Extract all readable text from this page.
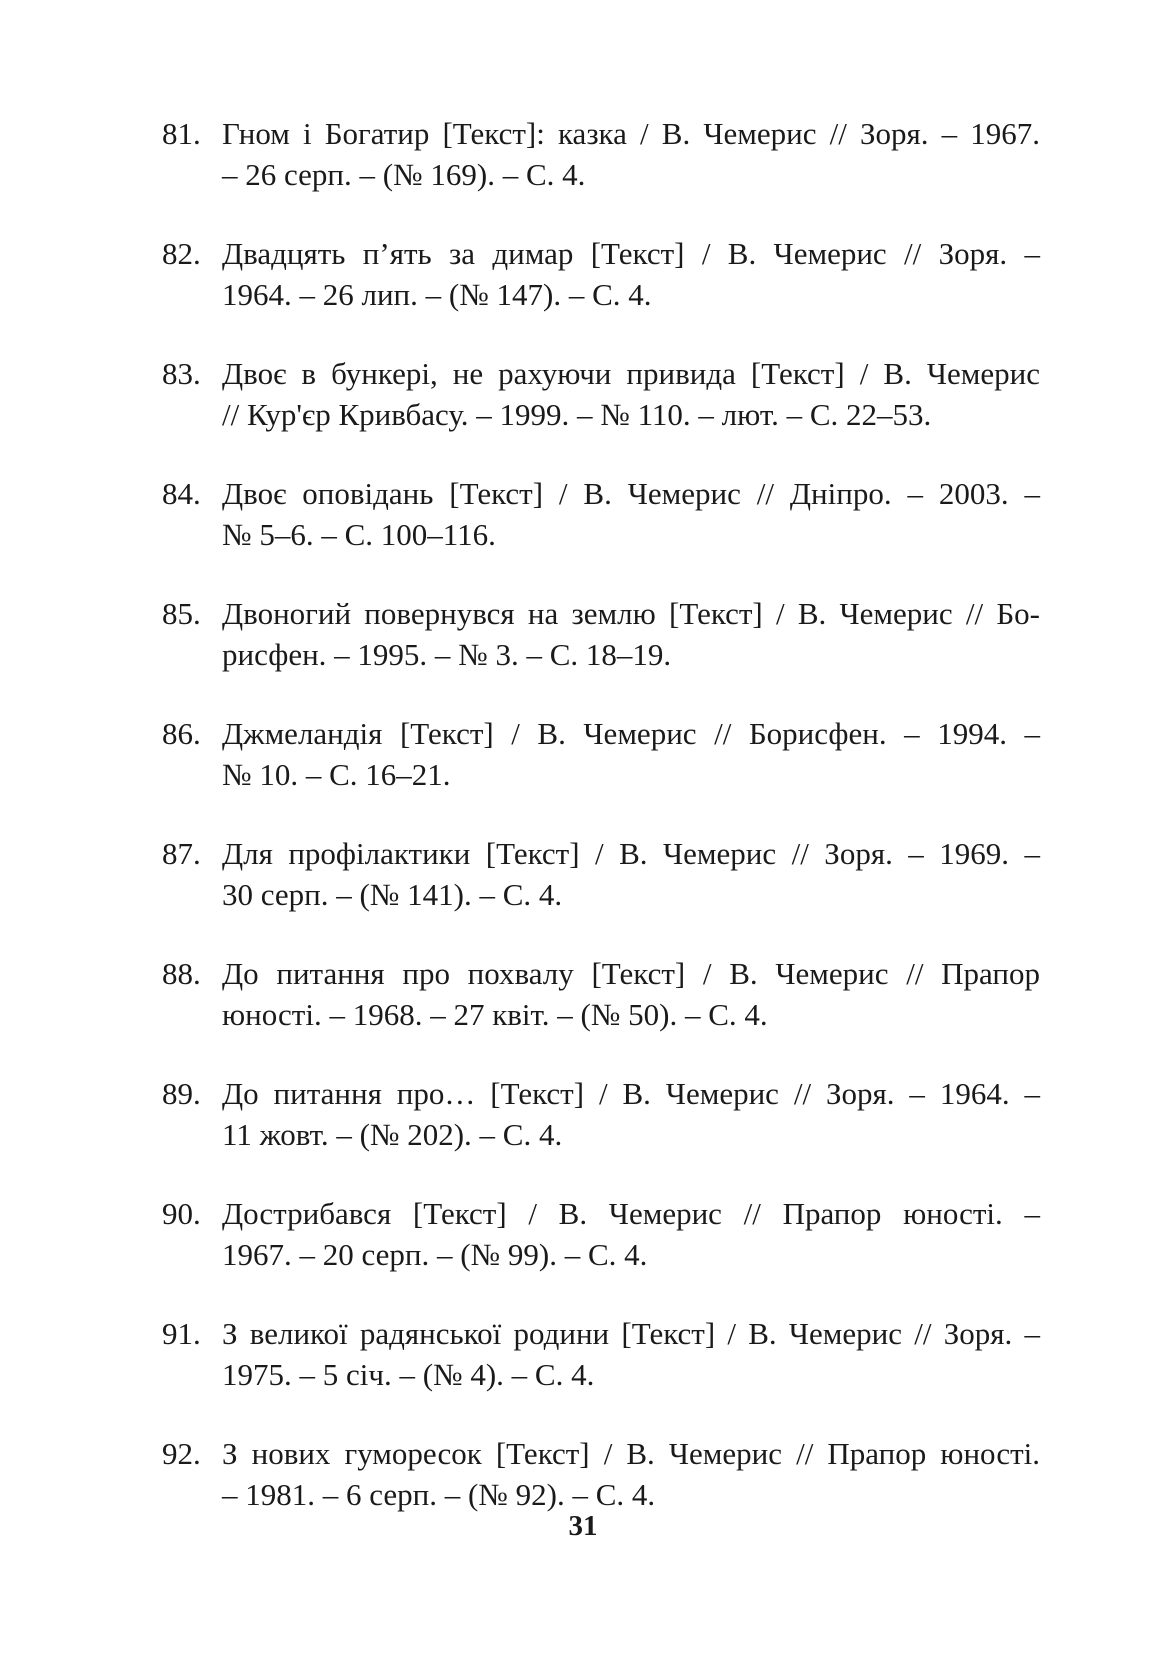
81. Гном і Богатир [Текст]: казка / В. Чемерис // Зоря. – 1967.
– 26 серп. – (№ 169). – С. 4.
82. Двадцять п’ять за димар [Текст] / В. Чемерис // Зоря. –
1964. – 26 лип. – (№ 147). – С. 4.
83. Двоє в бункері, не рахуючи привида [Текст] / В. Чемерис
// Кур'єр Кривбасу. – 1999. – № 110. – лют. – С. 22–53.
84. Двоє оповідань [Текст] / В. Чемерис // Дніпро. – 2003. –
№ 5–6. – С. 100–116.
85. Двоногий повернувся на землю [Текст] / В. Чемерис // Бо-
рисфен. – 1995. – № 3. – С. 18–19.
86. Джмеландія [Текст] / В. Чемерис // Борисфен. – 1994. –
№ 10. – С. 16–21.
87. Для профілактики [Текст] / В. Чемерис // Зоря. – 1969. –
30 серп. – (№ 141). – С. 4.
88. До питання про похвалу [Текст] / В. Чемерис // Прапор
юності. – 1968. – 27 квіт. – (№ 50). – С. 4.
89. До питання про… [Текст] / В. Чемерис // Зоря. – 1964. –
11 жовт. – (№ 202). – С. 4.
90. Дострибався [Текст] / В. Чемерис // Прапор юності. –
1967. – 20 серп. – (№ 99). – С. 4.
91. З великої радянської родини [Текст] / В. Чемерис // Зоря. –
1975. – 5 січ. – (№ 4). – С. 4.
92. З нових гуморесок [Текст] / В. Чемерис // Прапор юності.
– 1981. – 6 серп. – (№ 92). – С. 4.
31
